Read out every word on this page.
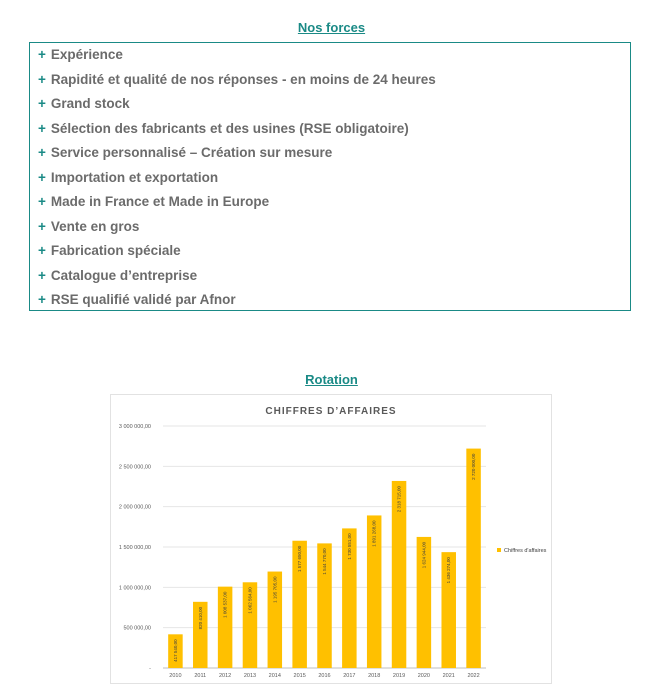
Nos forces
+ Expérience
+ Rapidité et qualité de nos réponses - en moins de 24 heures
+ Grand stock
+ Sélection des fabricants et des usines (RSE obligatoire)
+ Service personnalisé – Création sur mesure
+ Importation et exportation
+ Made in France et Made in Europe
+ Vente en gros
+ Fabrication spéciale
+ Catalogue d’entreprise
+ RSE qualifié validé par Afnor
Rotation
CHIFFRES D’AFFAIRES
-
500 000,00
1 000 000,00
1 500 000,00
2 000 000,00
2 500 000,00
3 000 000,00
417 540,00
2010
820 410,00
2011
1 008 537,00
2012
1 062 564,00
2013
1 195 705,00
2014
1 577 650,00
2015
1 544 770,00
2016
1 730 551,00
2017
1 891 268,00
2018
2 318 715,00
2019
1 624 944,00
2020
1 436 274,00
2021
2 720 000,00
2022
Chiffres d'affaires
